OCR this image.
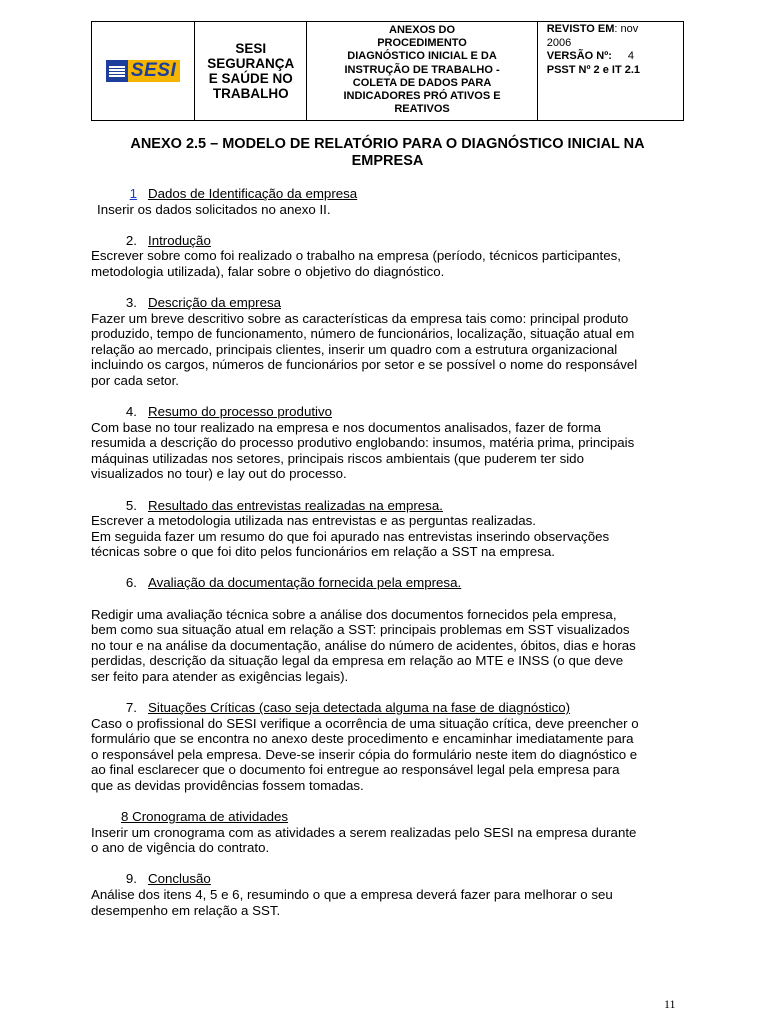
SESI

SESI
SEGURANÇA
E SAÚDE NO
TRABALHO

ANEXOS DO
PROCEDIMENTO
DIAGNÓSTICO INICIAL E DA
INSTRUÇÃO DE TRABALHO -
COLETA DE DADOS PARA
INDICADORES PRÓ ATIVOS E
REATIVOS

REVISTO EM: nov
2006
VERSÃO Nº: 4
PSST Nº 2 e IT 2.1
ANEXO 2.5 – MODELO DE RELATÓRIO PARA O DIAGNÓSTICO INICIAL NA
EMPRESA
1 Dados de Identificação da empresa
Inserir os dados solicitados no anexo II.
2. Introdução
Escrever sobre como foi realizado o trabalho na empresa (período, técnicos participantes,
metodologia utilizada), falar sobre o objetivo do diagnóstico.
3. Descrição da empresa
Fazer um breve descritivo sobre as características da empresa tais como: principal produto
produzido, tempo de funcionamento, número de funcionários, localização, situação atual em
relação ao mercado, principais clientes, inserir um quadro com a estrutura organizacional
incluindo os cargos, números de funcionários por setor e se possível o nome do responsável
por cada setor.
4. Resumo do processo produtivo
Com base no tour realizado na empresa e nos documentos analisados, fazer de forma
resumida a descrição do processo produtivo englobando: insumos, matéria prima, principais
máquinas utilizadas nos setores, principais riscos ambientais (que puderem ter sido
visualizados no tour) e lay out do processo.
5. Resultado das entrevistas realizadas na empresa.
Escrever a metodologia utilizada nas entrevistas e as perguntas realizadas.
Em seguida fazer um resumo do que foi apurado nas entrevistas inserindo observações
técnicas sobre o que foi dito pelos funcionários em relação a SST na empresa.
6. Avaliação da documentação fornecida pela empresa.
Redigir uma avaliação técnica sobre a análise dos documentos fornecidos pela empresa,
bem como sua situação atual em relação a SST: principais problemas em SST visualizados
no tour e na análise da documentação, análise do número de acidentes, óbitos, dias e horas
perdidas, descrição da situação legal da empresa em relação ao MTE e INSS (o que deve
ser feito para atender as exigências legais).
7. Situações Críticas (caso seja detectada alguma na fase de diagnóstico)
Caso o profissional do SESI verifique a ocorrência de uma situação crítica, deve preencher o
formulário que se encontra no anexo deste procedimento e encaminhar imediatamente para
o responsável pela empresa. Deve-se inserir cópia do formulário neste item do diagnóstico e
ao final esclarecer que o documento foi entregue ao responsável legal pela empresa para
que as devidas providências fossem tomadas.
8 Cronograma de atividades
Inserir um cronograma com as atividades a serem realizadas pelo SESI na empresa durante
o ano de vigência do contrato.
9. Conclusão
Análise dos itens 4, 5 e 6, resumindo o que a empresa deverá fazer para melhorar o seu
desempenho em relação a SST.
11
